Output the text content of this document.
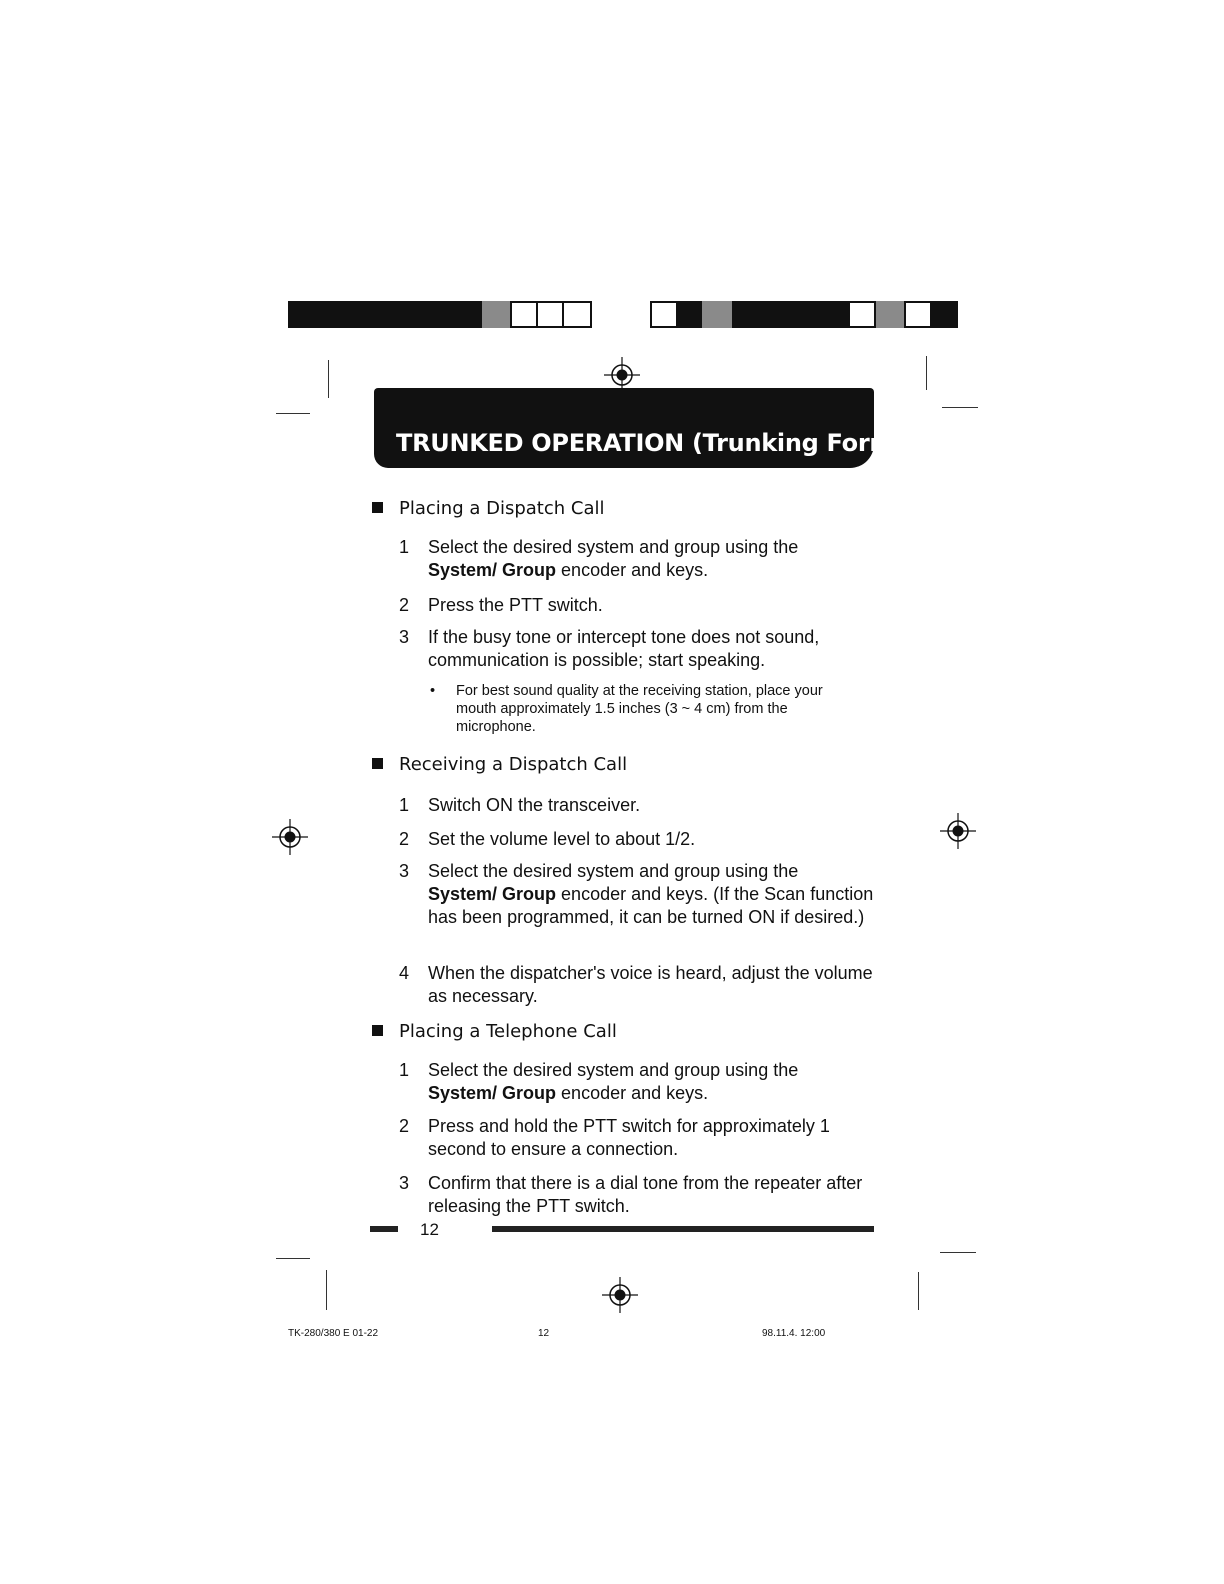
TRUNKED OPERATION (Trunking Format)
Placing a Dispatch Call
1 Select the desired system and group using the
System/ Group encoder and keys.
2 Press the PTT switch.
3 If the busy tone or intercept tone does not sound, communication is possible; start speaking.
• For best sound quality at the receiving station, place your mouth approximately 1.5 inches (3 ~ 4 cm) from the microphone.
Receiving a Dispatch Call
1 Switch ON the transceiver.
2 Set the volume level to about 1/2.
3 Select the desired system and group using the
System/ Group encoder and keys. (If the Scan function has been programmed, it can be turned ON if desired.)
4 When the dispatcher's voice is heard, adjust the volume as necessary.
Placing a Telephone Call
1 Select the desired system and group using the
System/ Group encoder and keys.
2 Press and hold the PTT switch for approximately 1 second to ensure a connection.
3 Confirm that there is a dial tone from the repeater after releasing the PTT switch.
12
TK-280/380 E 01-22	12	98.11.4. 12:00
